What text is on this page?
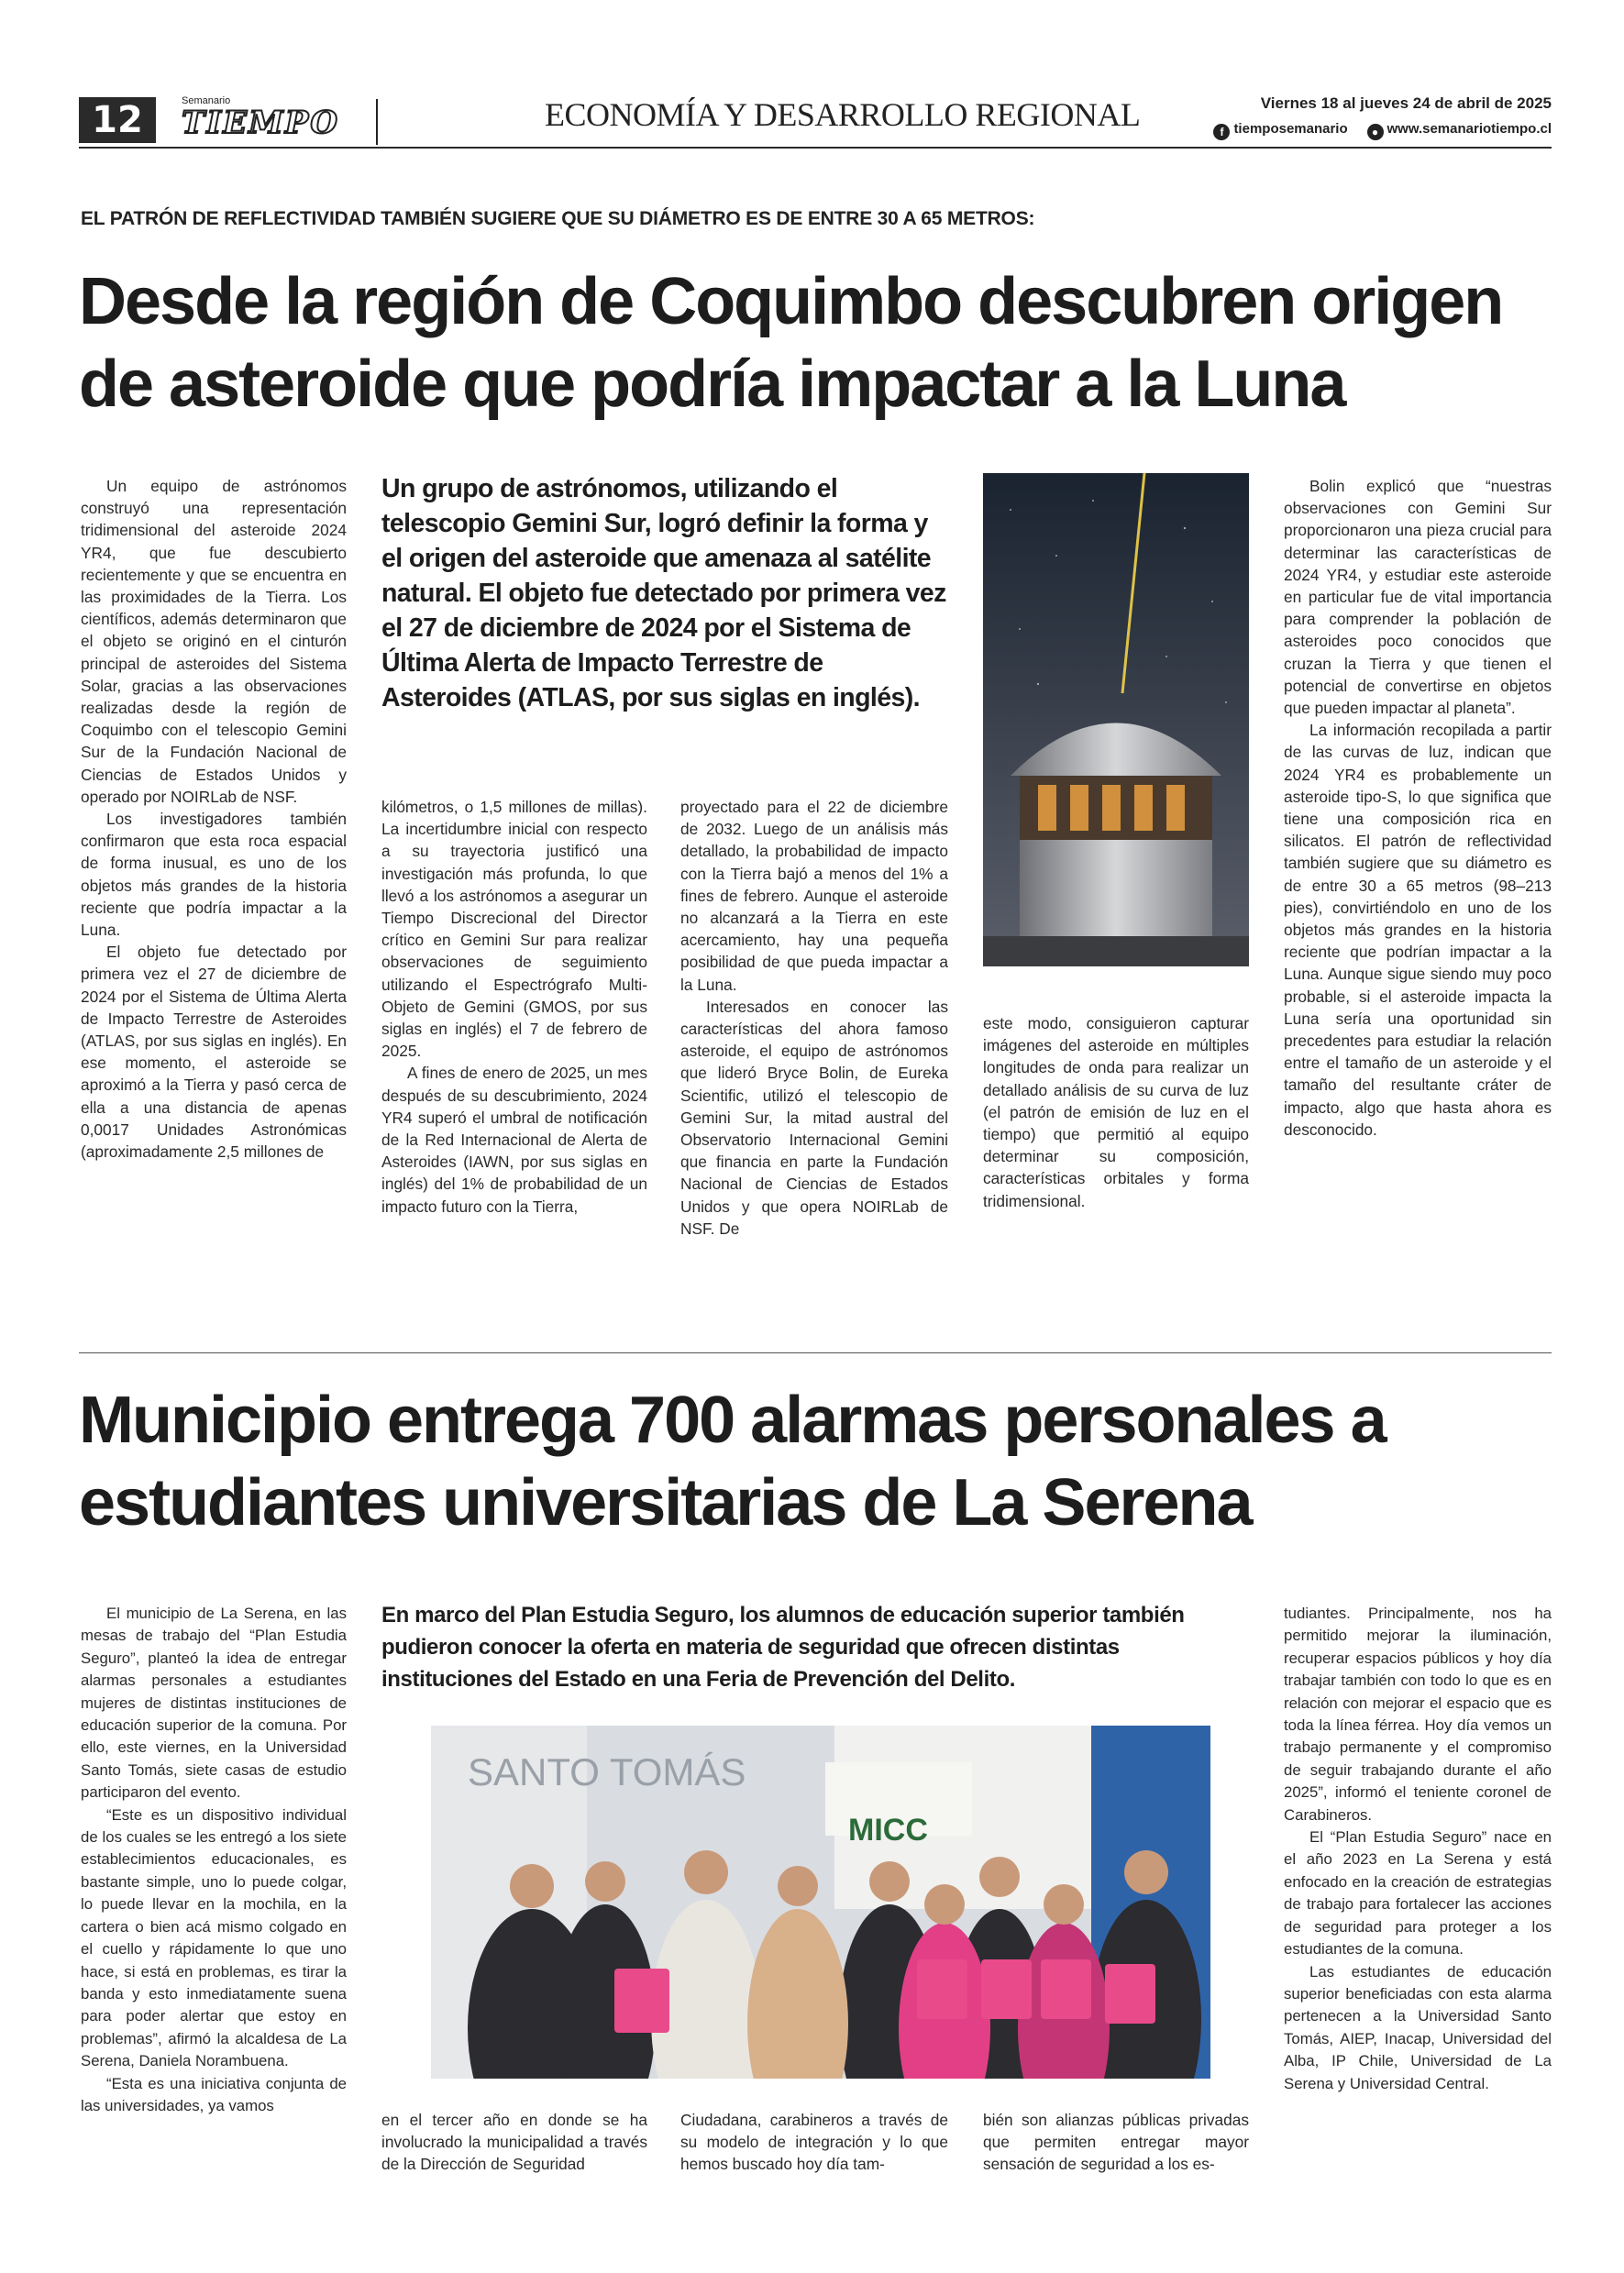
12	Semanario
TIEMPO	ECONOMÍA Y DESARROLLO REGIONAL	Viernes 18 al jueves 24 de abril de 2025
f tiemposemanario ● www.semanariotiempo.cl
EL PATRÓN DE REFLECTIVIDAD TAMBIÉN SUGIERE QUE SU DIÁMETRO ES DE ENTRE 30 A 65 METROS:
Desde la región de Coquimbo descubren origen de asteroide que podría impactar a la Luna

Un equipo de astrónomos construyó una representación tridimensional del asteroide 2024 YR4, que fue descubierto recientemente y que se encuentra en las proximidades de la Tierra. Los científicos, además determinaron que el objeto se originó en el cinturón principal de asteroides del Sistema Solar, gracias a las observaciones realizadas desde la región de Coquimbo con el telescopio Gemini Sur de la Fundación Nacional de Ciencias de Estados Unidos y operado por NOIRLab de NSF.

Los investigadores también confirmaron que esta roca espacial de forma inusual, es uno de los objetos más grandes de la historia reciente que podría impactar a la Luna.

El objeto fue detectado por primera vez el 27 de diciembre de 2024 por el Sistema de Última Alerta de Impacto Terrestre de Asteroides (ATLAS, por sus siglas en inglés). En ese momento, el asteroide se aproximó a la Tierra y pasó cerca de ella a una distancia de apenas 0,0017 Unidades Astronómicas (aproximadamente 2,5 millones de

Un grupo de astrónomos, utilizando el telescopio Gemini Sur, logró definir la forma y el origen del asteroide que amenaza al satélite natural. El objeto fue detectado por primera vez el 27 de diciembre de 2024 por el Sistema de Última Alerta de Impacto Terrestre de Asteroides (ATLAS, por sus siglas en inglés).

kilómetros, o 1,5 millones de millas). La incertidumbre inicial con respecto a su trayectoria justificó una investigación más profunda, lo que llevó a los astrónomos a asegurar un Tiempo Discrecional del Director crítico en Gemini Sur para realizar observaciones de seguimiento utilizando el Espectrógrafo Multi-Objeto de Gemini (GMOS, por sus siglas en inglés) el 7 de febrero de 2025.

A fines de enero de 2025, un mes después de su descubrimiento, 2024 YR4 superó el umbral de notificación de la Red Internacional de Alerta de Asteroides (IAWN, por sus siglas en inglés) del 1% de probabilidad de un impacto futuro con la Tierra,

proyectado para el 22 de diciembre de 2032. Luego de un análisis más detallado, la probabilidad de impacto con la Tierra bajó a menos del 1% a fines de febrero. Aunque el asteroide no alcanzará a la Tierra en este acercamiento, hay una pequeña posibilidad de que pueda impactar a la Luna.

Interesados en conocer las características del ahora famoso asteroide, el equipo de astrónomos que lideró Bryce Bolin, de Eureka Scientific, utilizó el telescopio de Gemini Sur, la mitad austral del Observatorio Internacional Gemini que financia en parte la Fundación Nacional de Ciencias de Estados Unidos y que opera NOIRLab de NSF. De

este modo, consiguieron capturar imágenes del asteroide en múltiples longitudes de onda para realizar un detallado análisis de su curva de luz (el patrón de emisión de luz en el tiempo) que permitió al equipo determinar su composición, características orbitales y forma tridimensional.

Bolin explicó que “nuestras observaciones con Gemini Sur proporcionaron una pieza crucial para determinar las características de 2024 YR4, y estudiar este asteroide en particular fue de vital importancia para comprender la población de asteroides poco conocidos que cruzan la Tierra y que tienen el potencial de convertirse en objetos que pueden impactar al planeta”.

La información recopilada a partir de las curvas de luz, indican que 2024 YR4 es probablemente un asteroide tipo-S, lo que significa que tiene una composición rica en silicatos. El patrón de reflectividad también sugiere que su diámetro es de entre 30 a 65 metros (98–213 pies), convirtiéndolo en uno de los objetos más grandes en la historia reciente que podrían impactar a la Luna. Aunque sigue siendo muy poco probable, si el asteroide impacta la Luna sería una oportunidad sin precedentes para estudiar la relación entre el tamaño de un asteroide y el tamaño del resultante cráter de impacto, algo que hasta ahora es desconocido.

Municipio entrega 700 alarmas personales a estudiantes universitarias de La Serena

El municipio de La Serena, en las mesas de trabajo del “Plan Estudia Seguro”, planteó la idea de entregar alarmas personales a estudiantes mujeres de distintas instituciones de educación superior de la comuna. Por ello, este viernes, en la Universidad Santo Tomás, siete casas de estudio participaron del evento.

“Este es un dispositivo individual de los cuales se les entregó a los siete establecimientos educacionales, es bastante simple, uno lo puede colgar, lo puede llevar en la mochila, en la cartera o bien acá mismo colgado en el cuello y rápidamente lo que uno hace, si está en problemas, es tirar la banda y esto inmediatamente suena para poder alertar que estoy en problemas”, afirmó la alcaldesa de La Serena, Daniela Norambuena.

“Esta es una iniciativa conjunta de las universidades, ya vamos

En marco del Plan Estudia Seguro, los alumnos de educación superior también pudieron conocer la oferta en materia de seguridad que ofrecen distintas instituciones del Estado en una Feria de Prevención del Delito.
SANTO TOMÁS
MICC

en el tercer año en donde se ha involucrado la municipalidad a través de la Dirección de Seguridad

Ciudadana, carabineros a través de su modelo de integración y lo que hemos buscado hoy día tam-

bién son alianzas públicas privadas que permiten entregar mayor sensación de seguridad a los es-

tudiantes. Principalmente, nos ha permitido mejorar la iluminación, recuperar espacios públicos y hoy día trabajar también con todo lo que es en relación con mejorar el espacio que es toda la línea férrea. Hoy día vemos un trabajo permanente y el compromiso de seguir trabajando durante el año 2025”, informó el teniente coronel de Carabineros.

El “Plan Estudia Seguro” nace en el año 2023 en La Serena y está enfocado en la creación de estrategias de trabajo para fortalecer las acciones de seguridad para proteger a los estudiantes de la comuna.

Las estudiantes de educación superior beneficiadas con esta alarma pertenecen a la Universidad Santo Tomás, AIEP, Inacap, Universidad del Alba, IP Chile, Universidad de La Serena y Universidad Central.
